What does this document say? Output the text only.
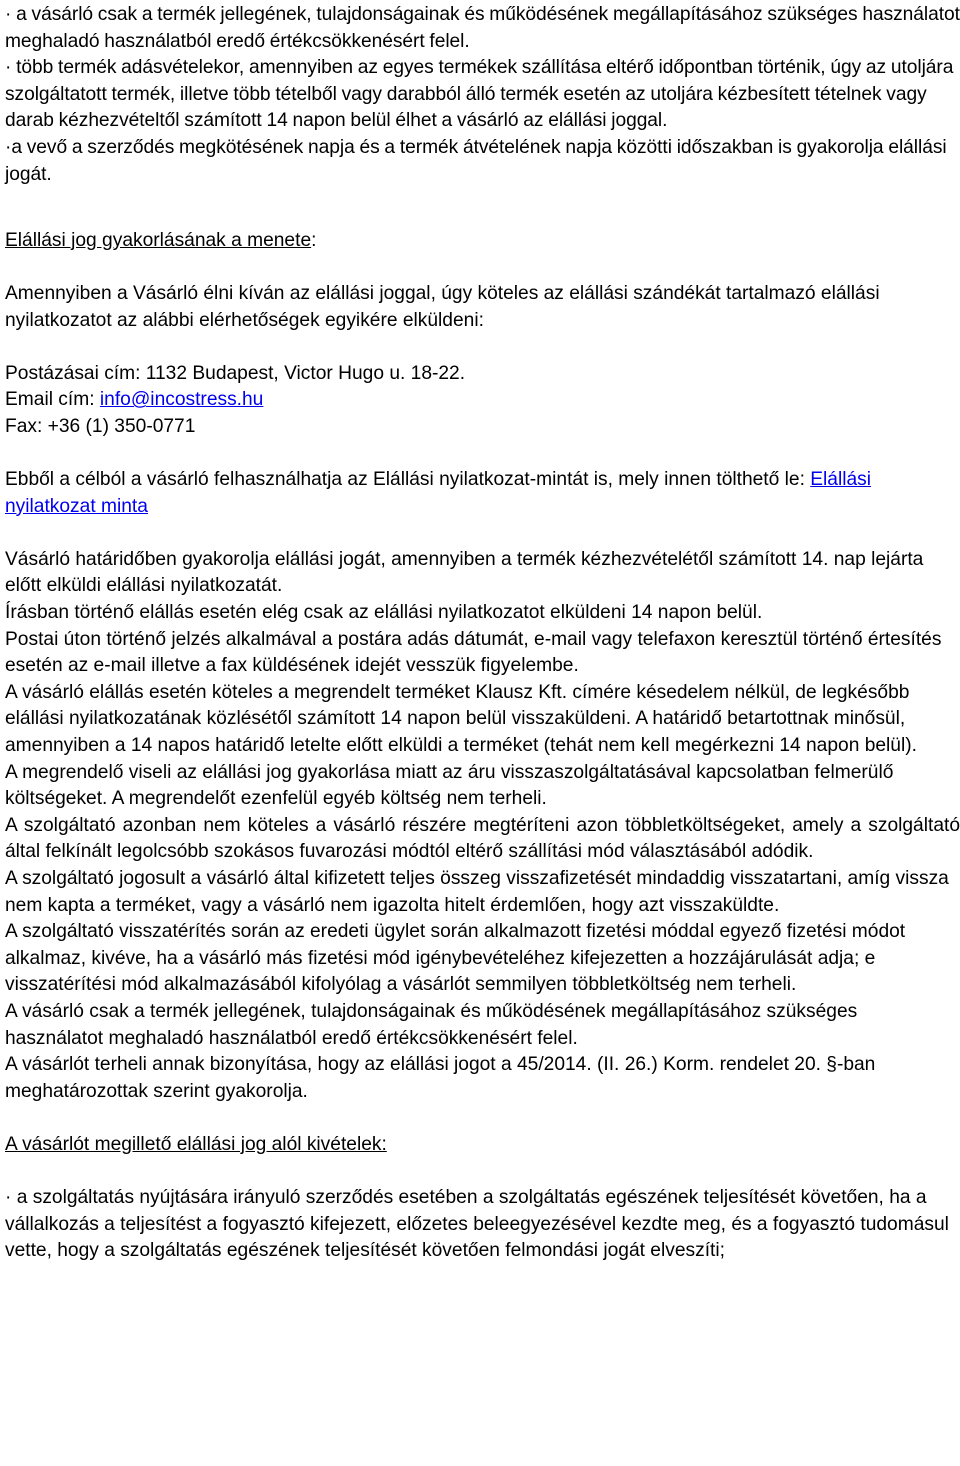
· a vásárló csak a termék jellegének, tulajdonságainak és működésének megállapításához szükséges használatot meghaladó használatból eredő értékcsökkenésért felel.

· több termék adásvételekor, amennyiben az egyes termékek szállítása eltérő időpontban történik, úgy az utoljára szolgáltatott termék, illetve több tételből vagy darabból álló termék esetén az utoljára kézbesített tételnek vagy darab kézhezvételtől számított 14 napon belül élhet a vásárló az elállási joggal.

·a vevő a szerződés megkötésének napja és a termék átvételének napja közötti időszakban is gyakorolja elállási jogát.

Elállási jog gyakorlásának a menete:

Amennyiben a Vásárló élni kíván az elállási joggal, úgy köteles az elállási szándékát tartalmazó elállási nyilatkozatot az alábbi elérhetőségek egyikére elküldeni:

Postázásai cím: 1132 Budapest, Victor Hugo u. 18-22.

Email cím: info@incostress.hu

Fax: +36 (1) 350-0771

Ebből a célból a vásárló felhasználhatja az Elállási nyilatkozat-mintát is, mely innen tölthető le: Elállási nyilatkozat minta

Vásárló határidőben gyakorolja elállási jogát, amennyiben a termék kézhezvételétől számított 14. nap lejárta előtt elküldi elállási nyilatkozatát.

Írásban történő elállás esetén elég csak az elállási nyilatkozatot elküldeni 14 napon belül.

Postai úton történő jelzés alkalmával a postára adás dátumát, e-mail vagy telefaxon keresztül történő értesítés esetén az e-mail illetve a fax küldésének idejét vesszük figyelembe.

A vásárló elállás esetén köteles a megrendelt terméket Klausz Kft. címére késedelem nélkül, de legkésőbb elállási nyilatkozatának közlésétől számított 14 napon belül visszaküldeni. A határidő betartottnak minősül, amennyiben a 14 napos határidő letelte előtt elküldi a terméket (tehát nem kell megérkezni 14 napon belül).

A megrendelő viseli az elállási jog gyakorlása miatt az áru visszaszolgáltatásával kapcsolatban felmerülő költségeket. A megrendelőt ezenfelül egyéb költség nem terheli.

A szolgáltató azonban nem köteles a vásárló részére megtéríteni azon többletköltségeket, amely a szolgáltató által felkínált legolcsóbb szokásos fuvarozási módtól eltérő szállítási mód választásából adódik.

A szolgáltató jogosult a vásárló által kifizetett teljes összeg visszafizetését mindaddig visszatartani, amíg vissza nem kapta a terméket, vagy a vásárló nem igazolta hitelt érdemlően, hogy azt visszaküldte.

A szolgáltató visszatérítés során az eredeti ügylet során alkalmazott fizetési móddal egyező fizetési módot alkalmaz, kivéve, ha a vásárló más fizetési mód igénybevételéhez kifejezetten a hozzájárulását adja; e visszatérítési mód alkalmazásából kifolyólag a vásárlót semmilyen többletköltség nem terheli.

A vásárló csak a termék jellegének, tulajdonságainak és működésének megállapításához szükséges használatot meghaladó használatból eredő értékcsökkenésért felel.

A vásárlót terheli annak bizonyítása, hogy az elállási jogot a 45/2014. (II. 26.) Korm. rendelet 20. §-ban meghatározottak szerint gyakorolja.

A vásárlót megillető elállási jog alól kivételek:

· a szolgáltatás nyújtására irányuló szerződés esetében a szolgáltatás egészének teljesítését követően, ha a vállalkozás a teljesítést a fogyasztó kifejezett, előzetes beleegyezésével kezdte meg, és a fogyasztó tudomásul vette, hogy a szolgáltatás egészének teljesítését követően felmondási jogát elveszíti;
